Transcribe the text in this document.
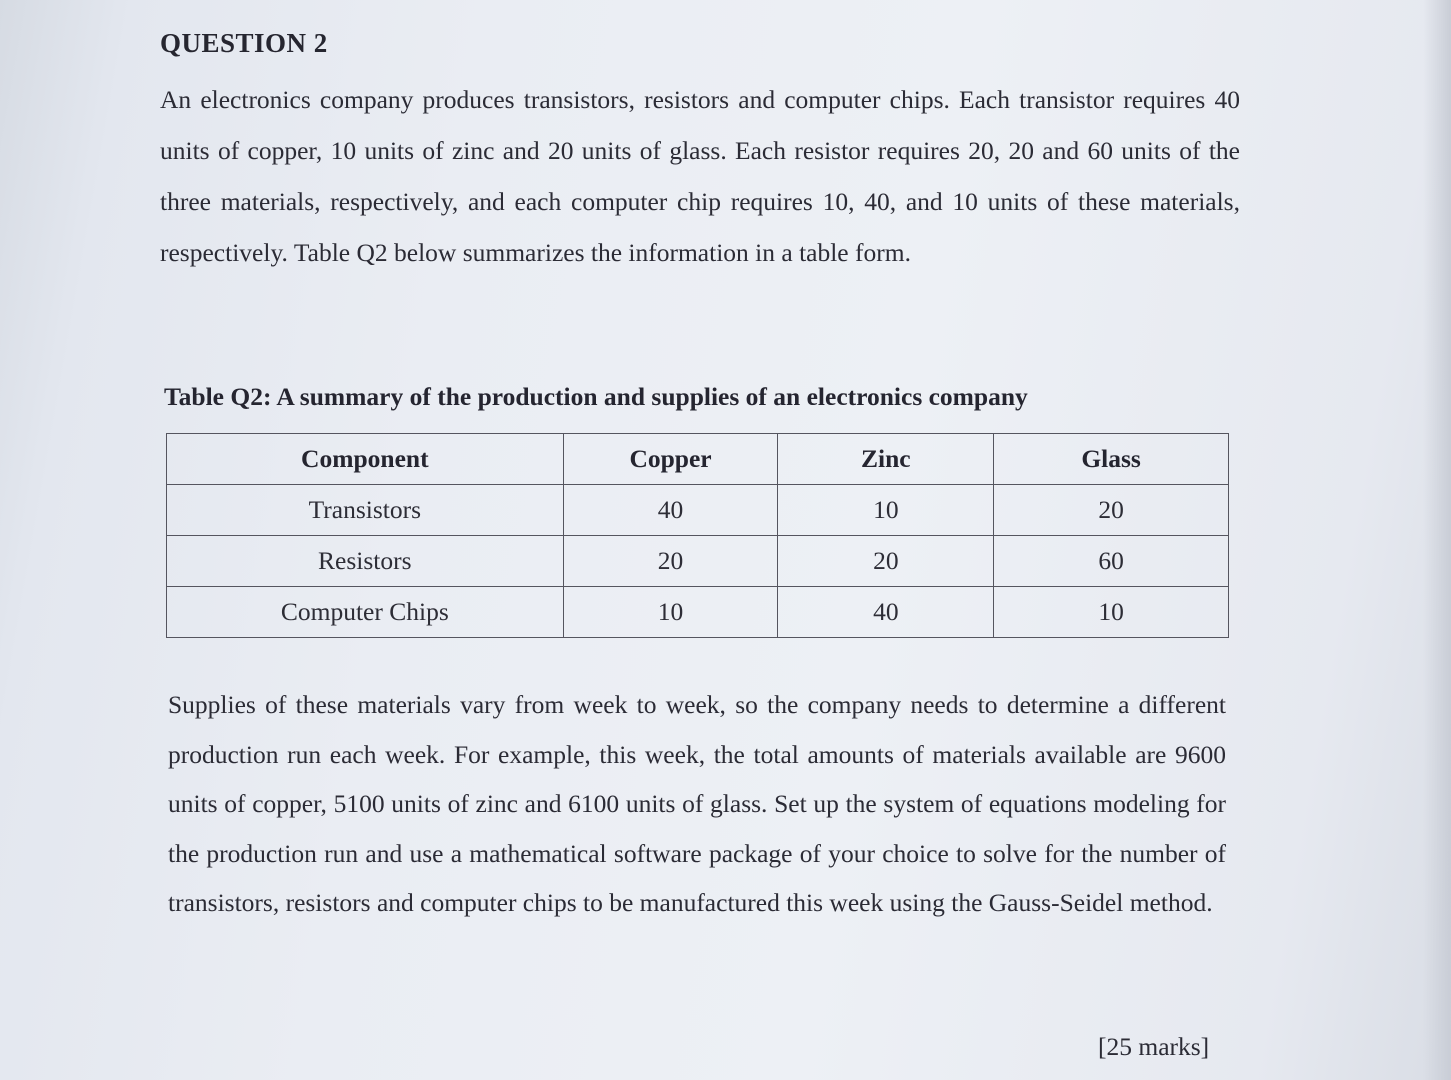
QUESTION 2

An electronics company produces transistors, resistors and computer chips. Each transistor requires 40 units of copper, 10 units of zinc and 20 units of glass. Each resistor requires 20, 20 and 60 units of the three materials, respectively, and each computer chip requires 10, 40, and 10 units of these materials, respectively. Table Q2 below summarizes the information in a table form.

Table Q2: A summary of the production and supplies of an electronics company
Component	Copper	Zinc	Glass
Transistors	40	10	20
Resistors	20	20	60
Computer Chips	10	40	10

Supplies of these materials vary from week to week, so the company needs to determine a different production run each week. For example, this week, the total amounts of materials available are 9600 units of copper, 5100 units of zinc and 6100 units of glass. Set up the system of equations modeling for the production run and use a mathematical software package of your choice to solve for the number of transistors, resistors and computer chips to be manufactured this week using the Gauss-Seidel method.

[25 marks]
